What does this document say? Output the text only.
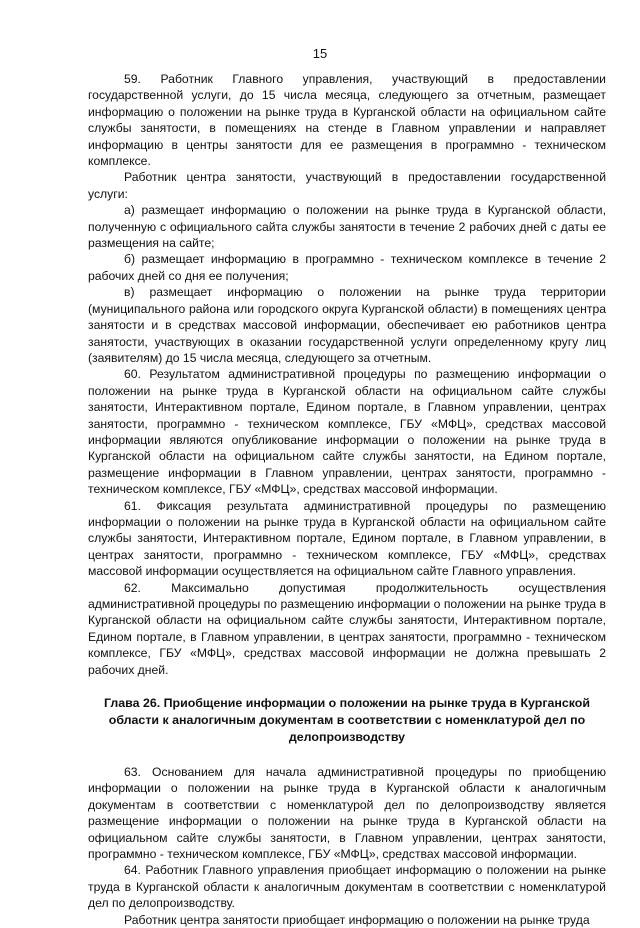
15

59. Работник Главного управления, участвующий в предоставлении государственной услуги, до 15 числа месяца, следующего за отчетным, размещает информацию о положении на рынке труда в Курганской области на официальном сайте службы занятости, в помещениях на стенде в Главном управлении и направляет информацию в центры занятости для ее размещения в программно - техническом комплексе.

Работник центра занятости, участвующий в предоставлении государственной услуги:

а) размещает информацию о положении на рынке труда в Курганской области, полученную с официального сайта службы занятости в течение 2 рабочих дней с даты ее размещения на сайте;

б) размещает информацию в программно - техническом комплексе в течение 2 рабочих дней со дня ее получения;

в) размещает информацию о положении на рынке труда территории (муниципального района или городского округа Курганской области) в помещениях центра занятости и в средствах массовой информации, обеспечивает ею работников центра занятости, участвующих в оказании государственной услуги определенному кругу лиц (заявителям) до 15 числа месяца, следующего за отчетным.

60. Результатом административной процедуры по размещению информации о положении на рынке труда в Курганской области на официальном сайте службы занятости, Интерактивном портале, Едином портале, в Главном управлении, центрах занятости, программно - техническом комплексе, ГБУ «МФЦ», средствах массовой информации являются опубликование информации о положении на рынке труда в Курганской области на официальном сайте службы занятости, на Едином портале, размещение информации в Главном управлении, центрах занятости, программно - техническом комплексе, ГБУ «МФЦ», средствах массовой информации.

61. Фиксация результата административной процедуры по размещению информации о положении на рынке труда в Курганской области на официальном сайте службы занятости, Интерактивном портале, Едином портале, в Главном управлении, в центрах занятости, программно - техническом комплексе, ГБУ «МФЦ», средствах массовой информации осуществляется на официальном сайте Главного управления.

62. Максимально допустимая продолжительность осуществления административной процедуры по размещению информации о положении на рынке труда в Курганской области на официальном сайте службы занятости, Интерактивном портале, Едином портале, в Главном управлении, в центрах занятости, программно - техническом комплексе, ГБУ «МФЦ», средствах массовой информации не должна превышать 2 рабочих дней.

Глава 26. Приобщение информации о положении на рынке труда в Курганской области к аналогичным документам в соответствии с номенклатурой дел по делопроизводству

63. Основанием для начала административной процедуры по приобщению информации о положении на рынке труда в Курганской области к аналогичным документам в соответствии с номенклатурой дел по делопроизводству является размещение информации о положении на рынке труда в Курганской области на официальном сайте службы занятости, в Главном управлении, центрах занятости, программно - техническом комплексе, ГБУ «МФЦ», средствах массовой информации.

64. Работник Главного управления приобщает информацию о положении на рынке труда в Курганской области к аналогичным документам в соответствии с номенклатурой дел по делопроизводству.

Работник центра занятости приобщает информацию о положении на рынке труда
